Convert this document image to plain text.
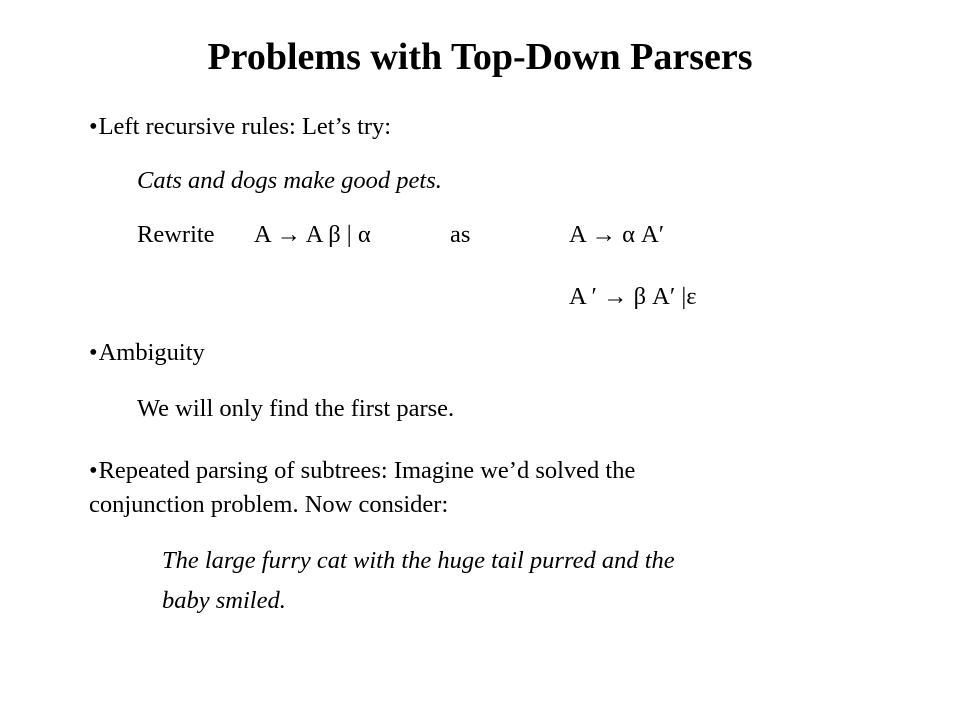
Problems with Top-Down Parsers
•Left recursive rules: Let’s try:
Cats and dogs make good pets.
Rewrite A → A β | α	as	A → α A′
A ′ → β A′ |ε
•Ambiguity
We will only find the first parse.
•Repeated parsing of subtrees: Imagine we’d solved the
conjunction problem. Now consider:
The large furry cat with the huge tail purred and the
baby smiled.
